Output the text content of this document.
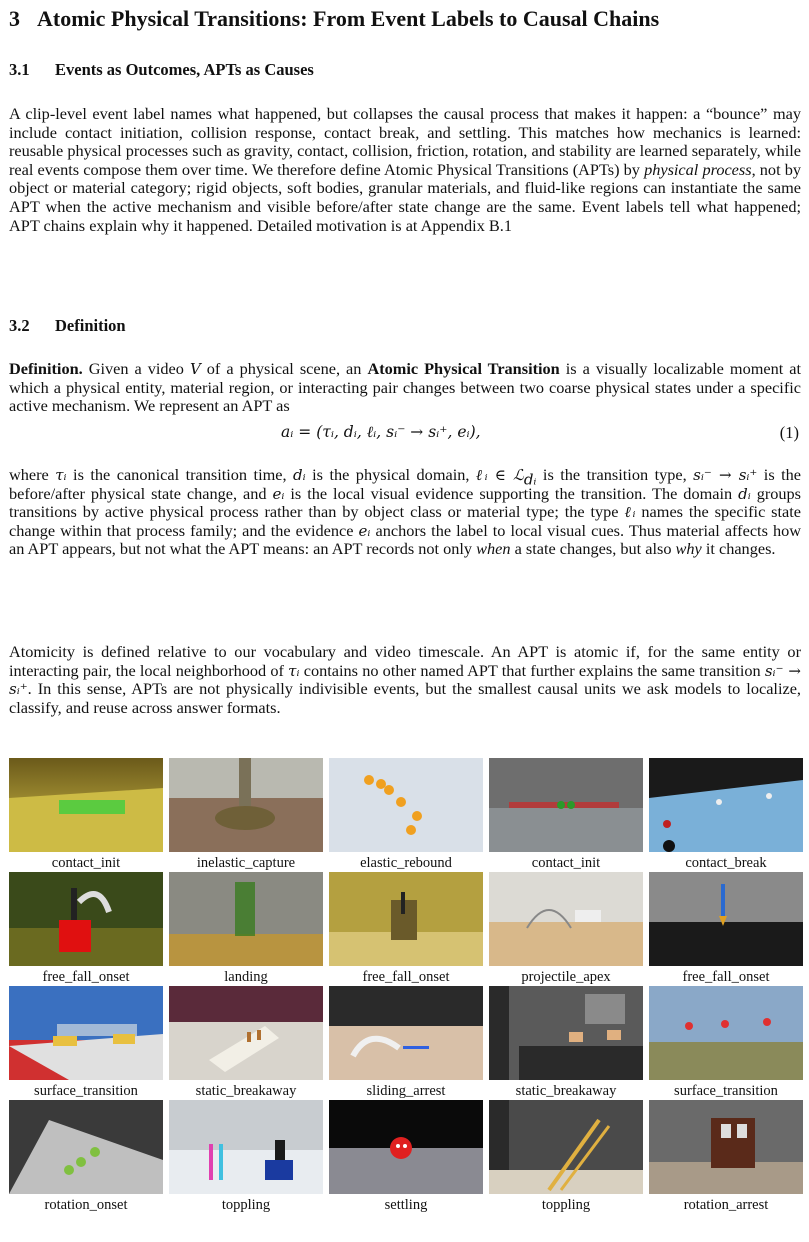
3 Atomic Physical Transitions: From Event Labels to Causal Chains
3.1 Events as Outcomes, APTs as Causes

A clip-level event label names what happened, but collapses the causal process that makes it happen: a “bounce” may include contact initiation, collision response, contact break, and settling. This matches how mechanics is learned: reusable physical processes such as gravity, contact, collision, friction, rotation, and stability are learned separately, while real events compose them over time. We therefore define Atomic Physical Transitions (APTs) by physical process, not by object or material category; rigid objects, soft bodies, granular materials, and fluid-like regions can instantiate the same APT when the active mechanism and visible before/after state change are the same. Event labels tell what happened; APT chains explain why it happened. Detailed motivation is at Appendix B.1

3.2 Definition

Definition. Given a video V of a physical scene, an Atomic Physical Transition is a visually localizable moment at which a physical entity, material region, or interacting pair changes between two coarse physical states under a specific active mechanism. We represent an APT as

aᵢ = (τᵢ, dᵢ, ℓᵢ, sᵢ⁻ → sᵢ⁺, eᵢ),	(1)

where τᵢ is the canonical transition time, dᵢ is the physical domain, ℓᵢ ∈ ℒ$_{dᵢ}$ is the transition type, sᵢ⁻ → sᵢ⁺ is the before/after physical state change, and eᵢ is the local visual evidence supporting the transition. The domain dᵢ groups transitions by active physical process rather than by object class or material type; the type ℓᵢ names the specific state change within that process family; and the evidence eᵢ anchors the label to local visual cues. Thus material affects how an APT appears, but not what the APT means: an APT records not only when a state changes, but also why it changes.

Atomicity is defined relative to our vocabulary and video timescale. An APT is atomic if, for the same entity or interacting pair, the local neighborhood of τᵢ contains no other named APT that further explains the same transition sᵢ⁻ → sᵢ⁺. In this sense, APTs are not physically indivisible events, but the smallest causal units we ask models to localize, classify, and reuse across answer formats.

contact_init	inelastic_capture	elastic_rebound	contact_init	contact_break
free_fall_onset	landing	free_fall_onset	projectile_apex	free_fall_onset
surface_transition	static_breakaway	sliding_arrest	static_breakaway	surface_transition
rotation_onset	toppling	settling	toppling	rotation_arrest
